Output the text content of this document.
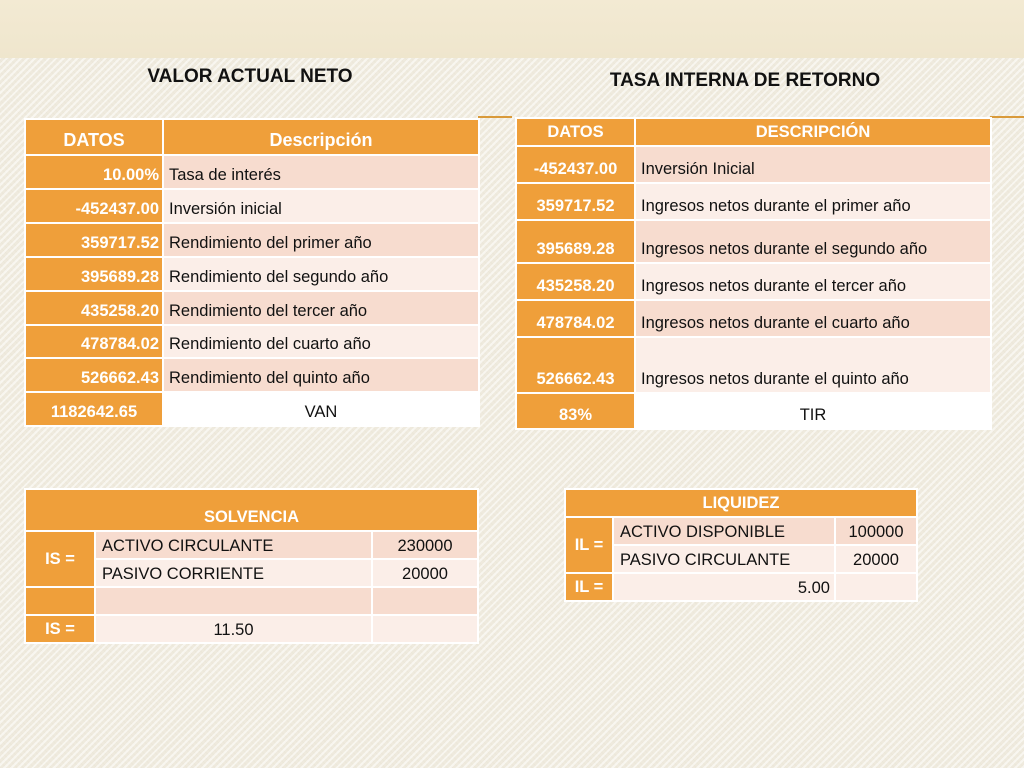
VALOR ACTUAL NETO	TASA INTERNA DE RETORNO
DATOS	Descripción
10.00%	Tasa de interés
-452437.00	Inversión inicial
359717.52	Rendimiento del primer año
395689.28	Rendimiento del segundo año
435258.20	Rendimiento del tercer año
478784.02	Rendimiento del cuarto año
526662.43	Rendimiento del quinto año
1182642.65	VAN
DATOS	DESCRIPCIÓN
-452437.00	Inversión Inicial
359717.52	Ingresos netos durante el primer año
395689.28	Ingresos netos durante el segundo año
435258.20	Ingresos netos durante el tercer año
478784.02	Ingresos netos durante el cuarto año
526662.43	Ingresos netos durante el quinto año
83%	TIR
SOLVENCIA		
IS =	ACTIVO CIRCULANTE	230000
	PASIVO CORRIENTE	20000

IS =	11.50	
LIQUIDEZ		
IL =	ACTIVO DISPONIBLE	100000
	PASIVO CIRCULANTE	20000
IL =	5.00	
